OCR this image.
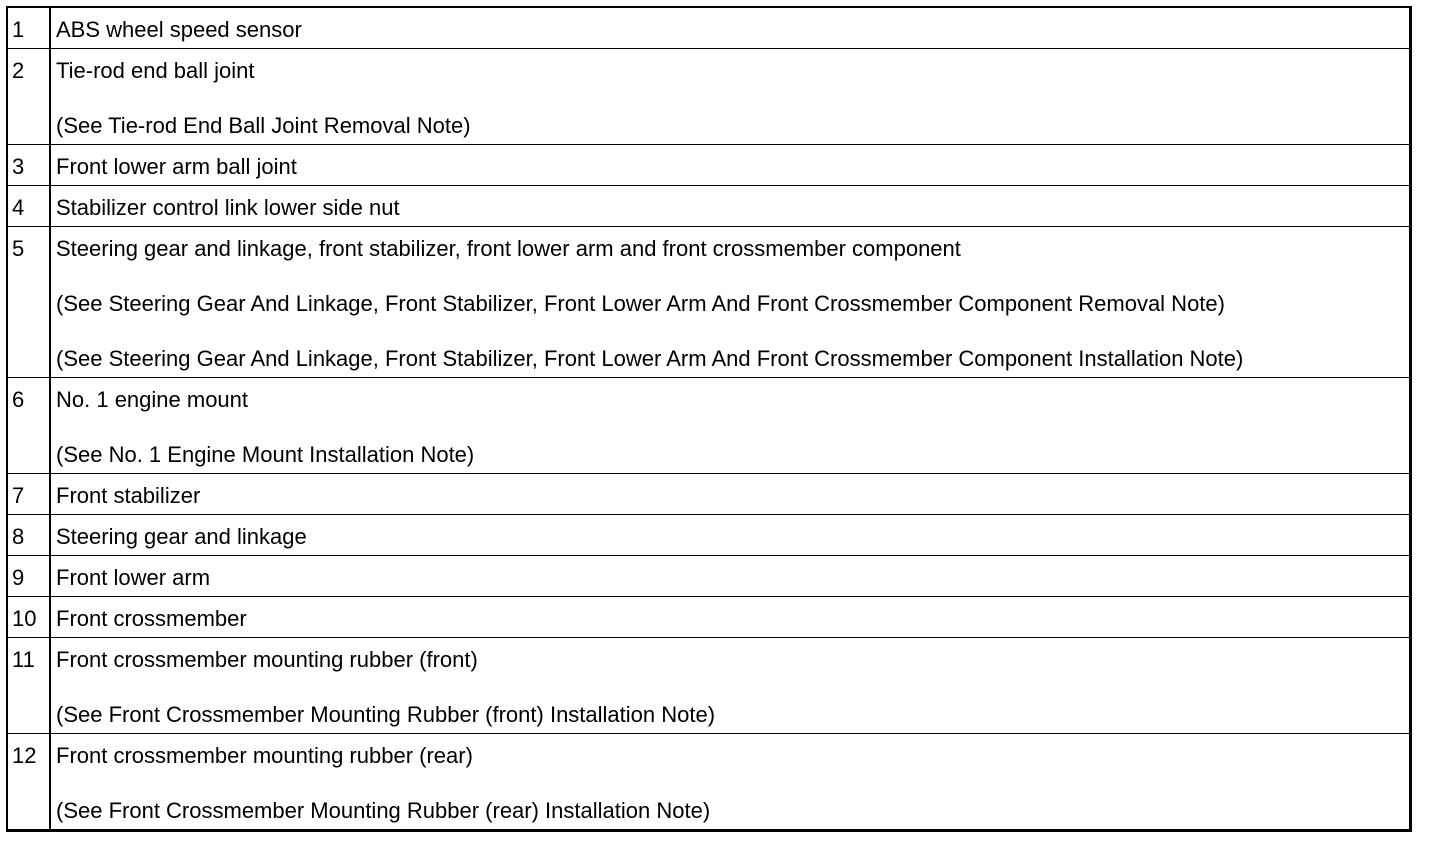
1	ABS wheel speed sensor

2	Tie-rod end ball joint
(See Tie-rod End Ball Joint Removal Note)

3	Front lower arm ball joint

4	Stabilizer control link lower side nut

5	Steering gear and linkage, front stabilizer, front lower arm and front crossmember component
(See Steering Gear And Linkage, Front Stabilizer, Front Lower Arm And Front Crossmember Component Removal Note)
(See Steering Gear And Linkage, Front Stabilizer, Front Lower Arm And Front Crossmember Component Installation Note)

6	No. 1 engine mount
(See No. 1 Engine Mount Installation Note)

7	Front stabilizer

8	Steering gear and linkage

9	Front lower arm

10	Front crossmember

11	Front crossmember mounting rubber (front)
(See Front Crossmember Mounting Rubber (front) Installation Note)

12	Front crossmember mounting rubber (rear)
(See Front Crossmember Mounting Rubber (rear) Installation Note)
